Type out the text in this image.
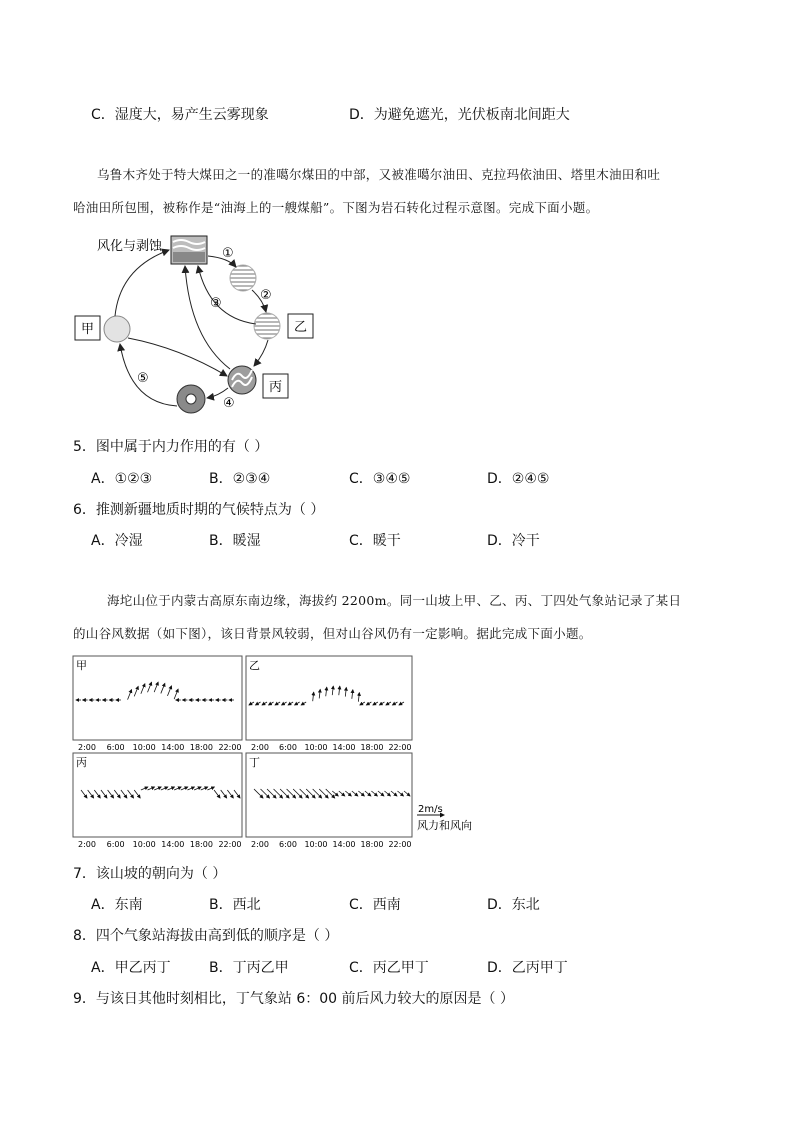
C．湿度大，易产生云雾现象	D．为避免遮光，光伏板南北间距大
乌鲁木齐处于特大煤田之一的准噶尔煤田的中部，又被准噶尔油田、克拉玛依油田、塔里木油田和吐
哈油田所包围，被称作是“油海上的一艘煤船”。下图为岩石转化过程示意图。完成下面小题。
风化与剥蚀
甲	乙
丙
①
②
③
④
⑤
5．图中属于内力作用的有（ ）
A．①②③	B．②③④	C．③④⑤	D．②④⑤
6．推测新疆地质时期的气候特点为（ ）
A．冷湿	B．暖湿	C．暖干	D．冷干
海坨山位于内蒙古高原东南边缘，海拔约 2200m。同一山坡上甲、乙、丙、丁四处气象站记录了某日
的山谷风数据（如下图），该日背景风较弱，但对山谷风仍有一定影响。据此完成下面小题。
甲	乙
丙	丁
2:00 6:00 10:00 14:00 18:00 22:00 2:00 6:00 10:00 14:00 18:00 22:00
2:00 6:00 10:00 14:00 18:00 22:00 2:00 6:00 10:00 14:00 18:00 22:00
2m/s
风力和风向
7．该山坡的朝向为（ ）
A．东南	B．西北	C．西南	D．东北
8．四个气象站海拔由高到低的顺序是（ ）
A．甲乙丙丁	B．丁丙乙甲	C．丙乙甲丁	D．乙丙甲丁
9．与该日其他时刻相比，丁气象站 6：00 前后风力较大的原因是（ ）
